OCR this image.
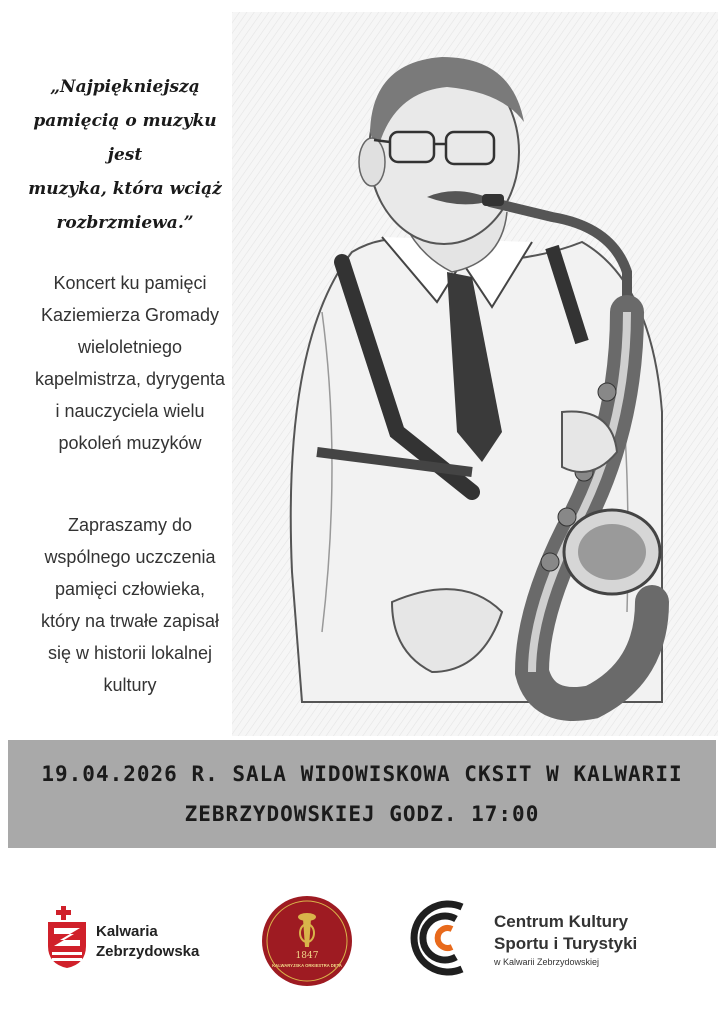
„Najpiękniejszą
pamięcią o muzyku jest
muzyka, która wciąż
rozbrzmiewa.”
Koncert ku pamięci
Kaziemierza Gromady
wieloletniego
kapelmistrza, dyrygenta
i nauczyciela wielu
pokoleń muzyków
Zapraszamy do
wspólnego uczczenia
pamięci człowieka,
który na trwałe zapisał
się w historii lokalnej
kultury
19.04.2026 R. SALA WIDOWISKOWA CKSIT W KALWARII
ZEBRZYDOWSKIEJ GODZ. 17:00
Kalwaria
Zebrzydowska	1847
KALWARYJSKA ORKIESTRA DĘTA
Centrum Kultury
Sportu i Turystyki
w Kalwarii Zebrzydowskiej
